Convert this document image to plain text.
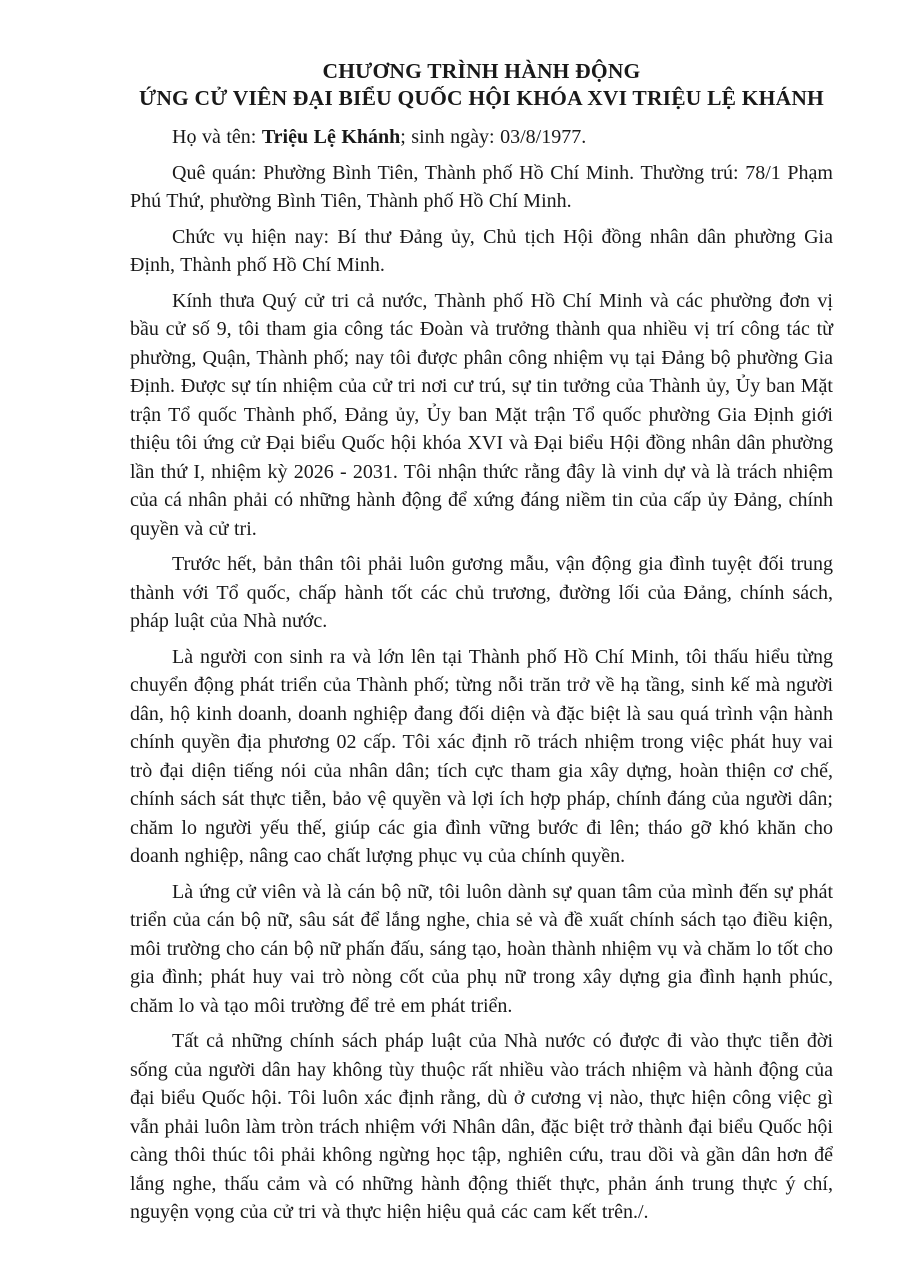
CHƯƠNG TRÌNH HÀNH ĐỘNG
ỨNG CỬ VIÊN ĐẠI BIỂU QUỐC HỘI KHÓA XVI TRIỆU LỆ KHÁNH

Họ và tên: Triệu Lệ Khánh; sinh ngày: 03/8/1977.

Quê quán: Phường Bình Tiên, Thành phố Hồ Chí Minh. Thường trú: 78/1 Phạm Phú Thứ, phường Bình Tiên, Thành phố Hồ Chí Minh.

Chức vụ hiện nay: Bí thư Đảng ủy, Chủ tịch Hội đồng nhân dân phường Gia Định, Thành phố Hồ Chí Minh.

Kính thưa Quý cử tri cả nước, Thành phố Hồ Chí Minh và các phường đơn vị bầu cử số 9, tôi tham gia công tác Đoàn và trưởng thành qua nhiều vị trí công tác từ phường, Quận, Thành phố; nay tôi được phân công nhiệm vụ tại Đảng bộ phường Gia Định. Được sự tín nhiệm của cử tri nơi cư trú, sự tin tưởng của Thành ủy, Ủy ban Mặt trận Tổ quốc Thành phố, Đảng ủy, Ủy ban Mặt trận Tổ quốc phường Gia Định giới thiệu tôi ứng cử Đại biểu Quốc hội khóa XVI và Đại biểu Hội đồng nhân dân phường lần thứ I, nhiệm kỳ 2026 - 2031. Tôi nhận thức rằng đây là vinh dự và là trách nhiệm của cá nhân phải có những hành động để xứng đáng niềm tin của cấp ủy Đảng, chính quyền và cử tri.

Trước hết, bản thân tôi phải luôn gương mẫu, vận động gia đình tuyệt đối trung thành với Tổ quốc, chấp hành tốt các chủ trương, đường lối của Đảng, chính sách, pháp luật của Nhà nước.

Là người con sinh ra và lớn lên tại Thành phố Hồ Chí Minh, tôi thấu hiểu từng chuyển động phát triển của Thành phố; từng nỗi trăn trở về hạ tầng, sinh kế mà người dân, hộ kinh doanh, doanh nghiệp đang đối diện và đặc biệt là sau quá trình vận hành chính quyền địa phương 02 cấp. Tôi xác định rõ trách nhiệm trong việc phát huy vai trò đại diện tiếng nói của nhân dân; tích cực tham gia xây dựng, hoàn thiện cơ chế, chính sách sát thực tiễn, bảo vệ quyền và lợi ích hợp pháp, chính đáng của người dân; chăm lo người yếu thế, giúp các gia đình vững bước đi lên; tháo gỡ khó khăn cho doanh nghiệp, nâng cao chất lượng phục vụ của chính quyền.

Là ứng cử viên và là cán bộ nữ, tôi luôn dành sự quan tâm của mình đến sự phát triển của cán bộ nữ, sâu sát để lắng nghe, chia sẻ và đề xuất chính sách tạo điều kiện, môi trường cho cán bộ nữ phấn đấu, sáng tạo, hoàn thành nhiệm vụ và chăm lo tốt cho gia đình; phát huy vai trò nòng cốt của phụ nữ trong xây dựng gia đình hạnh phúc, chăm lo và tạo môi trường để trẻ em phát triển.

Tất cả những chính sách pháp luật của Nhà nước có được đi vào thực tiễn đời sống của người dân hay không tùy thuộc rất nhiều vào trách nhiệm và hành động của đại biểu Quốc hội. Tôi luôn xác định rằng, dù ở cương vị nào, thực hiện công việc gì vẫn phải luôn làm tròn trách nhiệm với Nhân dân, đặc biệt trở thành đại biểu Quốc hội càng thôi thúc tôi phải không ngừng học tập, nghiên cứu, trau dồi và gần dân hơn để lắng nghe, thấu cảm và có những hành động thiết thực, phản ánh trung thực ý chí, nguyện vọng của cử tri và thực hiện hiệu quả các cam kết trên./.
